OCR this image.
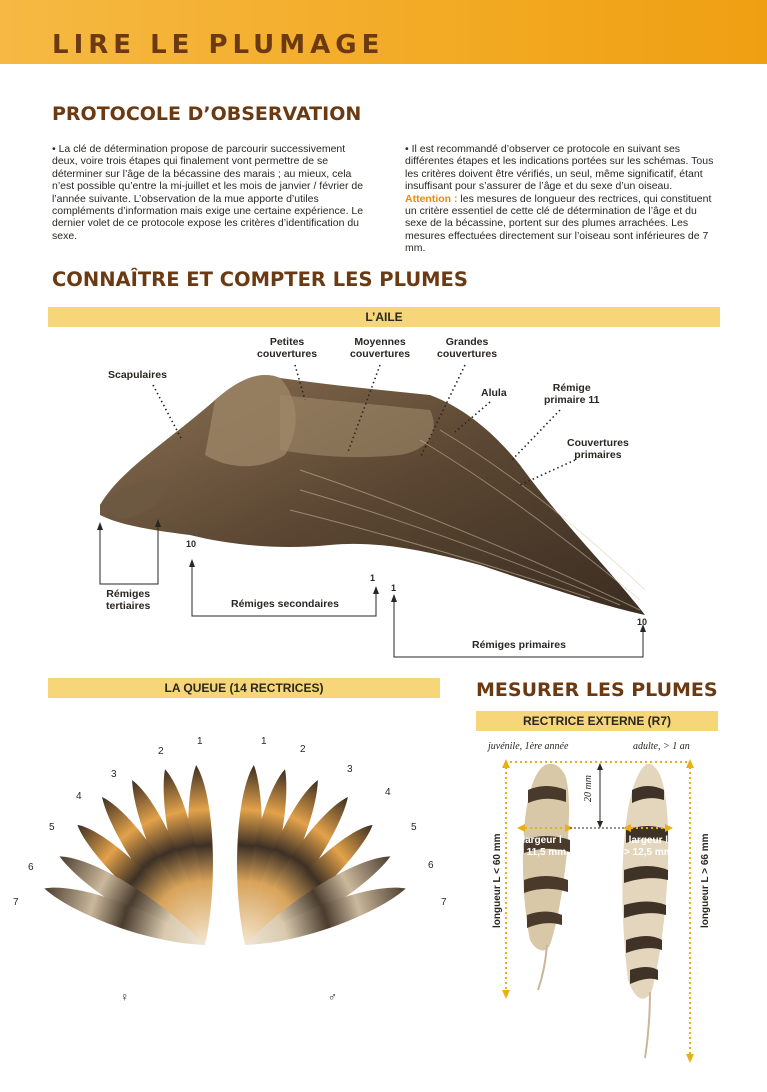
LIRE LE PLUMAGE
PROTOCOLE D’OBSERVATION
• La clé de détermination propose de parcourir successivement deux, voire trois étapes qui finalement vont permettre de se déterminer sur l’âge de la bécassine des marais ; au mieux, cela n’est possible qu’entre la mi-juillet et les mois de janvier / février de l’année suivante. L’observation de la mue apporte d’utiles compléments d’information mais exige une certaine expérience. Le dernier volet de ce protocole expose les critères d’identification du sexe.
• Il est recommandé d’observer ce protocole en suivant ses différentes étapes et les indications portées sur les schémas. Tous les critères doivent être vérifiés, un seul, même significatif, étant insuffisant pour s’assurer de l’âge et du sexe d’un oiseau.
Attention : les mesures de longueur des rectrices, qui constituent un critère essentiel de cette clé de détermination de l’âge et du sexe de la bécassine, portent sur des plumes arrachées. Les mesures effectuées directement sur l’oiseau sont inférieures de 7 mm.
CONNAÎTRE ET COMPTER LES PLUMES
L’AILE
Petites
couvertures
Moyennes
couvertures
Grandes
couvertures
Scapulaires
Alula	Rémige
primaire 11
Couvertures
primaires
Rémiges
tertiaires	Rémiges secondaires
Rémiges primaires
10
1
1
10
LA QUEUE (14 RECTRICES)
1
2
3
4
5
6
7
1
2
3
4
5
6
7
♀	♂
MESURER LES PLUMES
RECTRICE EXTERNE (R7)
juvénile, 1ère année	adulte, > 1 an
20 mm
longueur L < 60 mm	longueur L > 66 mm
largeur l
< 11,5 mm
largeur l
> 12,5 mm
